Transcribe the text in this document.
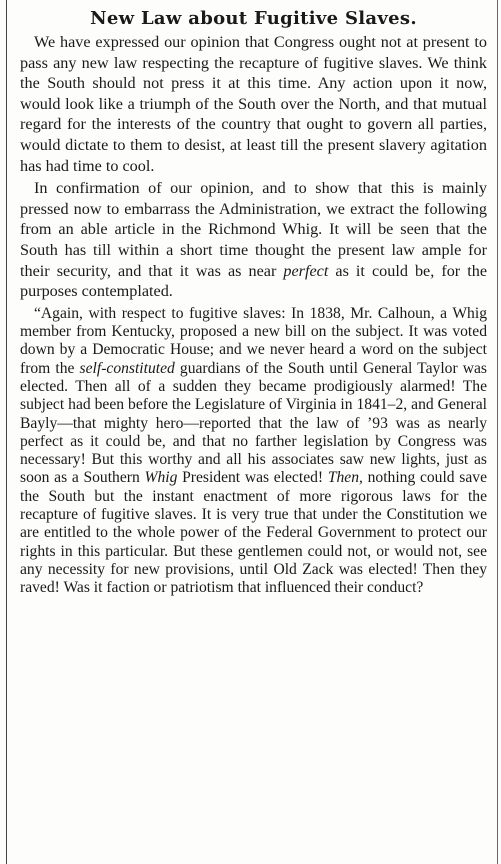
New Law about Fugitive Slaves.

We have expressed our opinion that Congress ought not at present to pass any new law respecting the recapture of fugitive slaves. We think the South should not press it at this time. Any action upon it now, would look like a triumph of the South over the North, and that mutual regard for the interests of the country that ought to govern all parties, would dictate to them to desist, at least till the present slavery agitation has had time to cool.

In confirmation of our opinion, and to show that this is mainly pressed now to embarrass the Administration, we extract the following from an able article in the Richmond Whig. It will be seen that the South has till within a short time thought the present law ample for their security, and that it was as near perfect as it could be, for the purposes contemplated.

“Again, with respect to fugitive slaves: In 1838, Mr. Calhoun, a Whig member from Kentucky, proposed a new bill on the subject. It was voted down by a Democratic House; and we never heard a word on the subject from the self-constituted guardians of the South until General Taylor was elected. Then all of a sudden they became prodigiously alarmed! The subject had been before the Legislature of Virginia in 1841–2, and General Bayly—that mighty hero—reported that the law of ’93 was as nearly perfect as it could be, and that no farther legislation by Congress was necessary! But this worthy and all his associates saw new lights, just as soon as a Southern Whig President was elected! Then, nothing could save the South but the instant enactment of more rigorous laws for the recapture of fugitive slaves. It is very true that under the Constitution we are entitled to the whole power of the Federal Government to protect our rights in this particular. But these gentlemen could not, or would not, see any necessity for new provisions, until Old Zack was elected! Then they raved! Was it faction or patriotism that influenced their conduct?
